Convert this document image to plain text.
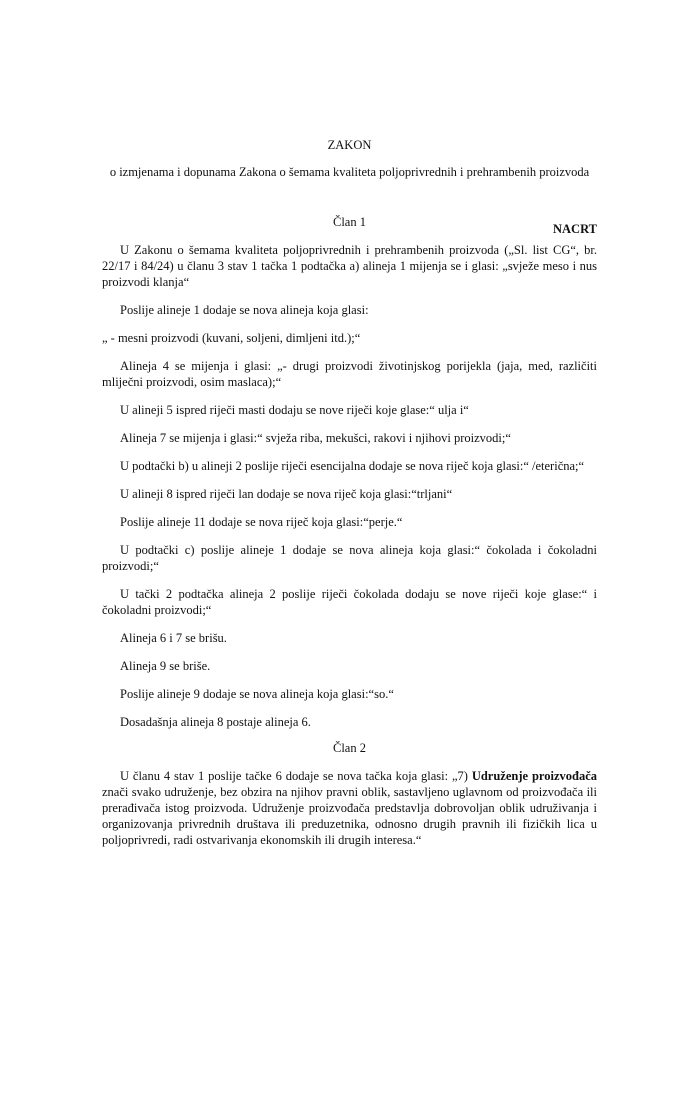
NACRT
ZAKON
o izmjenama i dopunama Zakona o šemama kvaliteta poljoprivrednih i prehrambenih proizvoda
Član 1

U Zakonu o šemama kvaliteta poljoprivrednih i prehrambenih proizvoda („Sl. list CG“, br. 22/17 i 84/24) u članu 3 stav 1 tačka 1 podtačka a) alineja 1 mijenja se i glasi: „svježe meso i nus proizvodi klanja“

Poslije alineje 1 dodaje se nova alineja koja glasi:

„ - mesni proizvodi (kuvani, soljeni, dimljeni itd.);“

Alineja 4 se mijenja i glasi: „- drugi proizvodi životinjskog porijekla (jaja, med, različiti mliječni proizvodi, osim maslaca);“

U alineji 5 ispred riječi masti dodaju se nove riječi koje glase:“ ulja i“

Alineja 7 se mijenja i glasi:“ svježa riba, mekušci, rakovi i njihovi proizvodi;“

U podtački b) u alineji 2 poslije riječi esencijalna dodaje se nova riječ koja glasi:“ /eterična;“

U alineji 8 ispred riječi lan dodaje se nova riječ koja glasi:“trljani“

Poslije alineje 11 dodaje se nova riječ koja glasi:“perje.“

U podtački c) poslije alineje 1 dodaje se nova alineja koja glasi:“ čokolada i čokoladni proizvodi;“

U tački 2 podtačka alineja 2 poslije riječi čokolada dodaju se nove riječi koje glase:“ i čokoladni proizvodi;“

Alineja 6 i 7 se brišu.

Alineja 9 se briše.

Poslije alineje 9 dodaje se nova alineja koja glasi:“so.“

Dosadašnja alineja 8 postaje alineja 6.

Član 2

U članu 4 stav 1 poslije tačke 6 dodaje se nova tačka koja glasi: „7) Udruženje proizvođača znači svako udruženje, bez obzira na njihov pravni oblik, sastavljeno uglavnom od proizvođača ili prerađivača istog proizvoda. Udruženje proizvođača predstavlja dobrovoljan oblik udruživanja i organizovanja privrednih društava ili preduzetnika, odnosno drugih pravnih ili fizičkih lica u poljoprivredi, radi ostvarivanja ekonomskih ili drugih interesa.“
